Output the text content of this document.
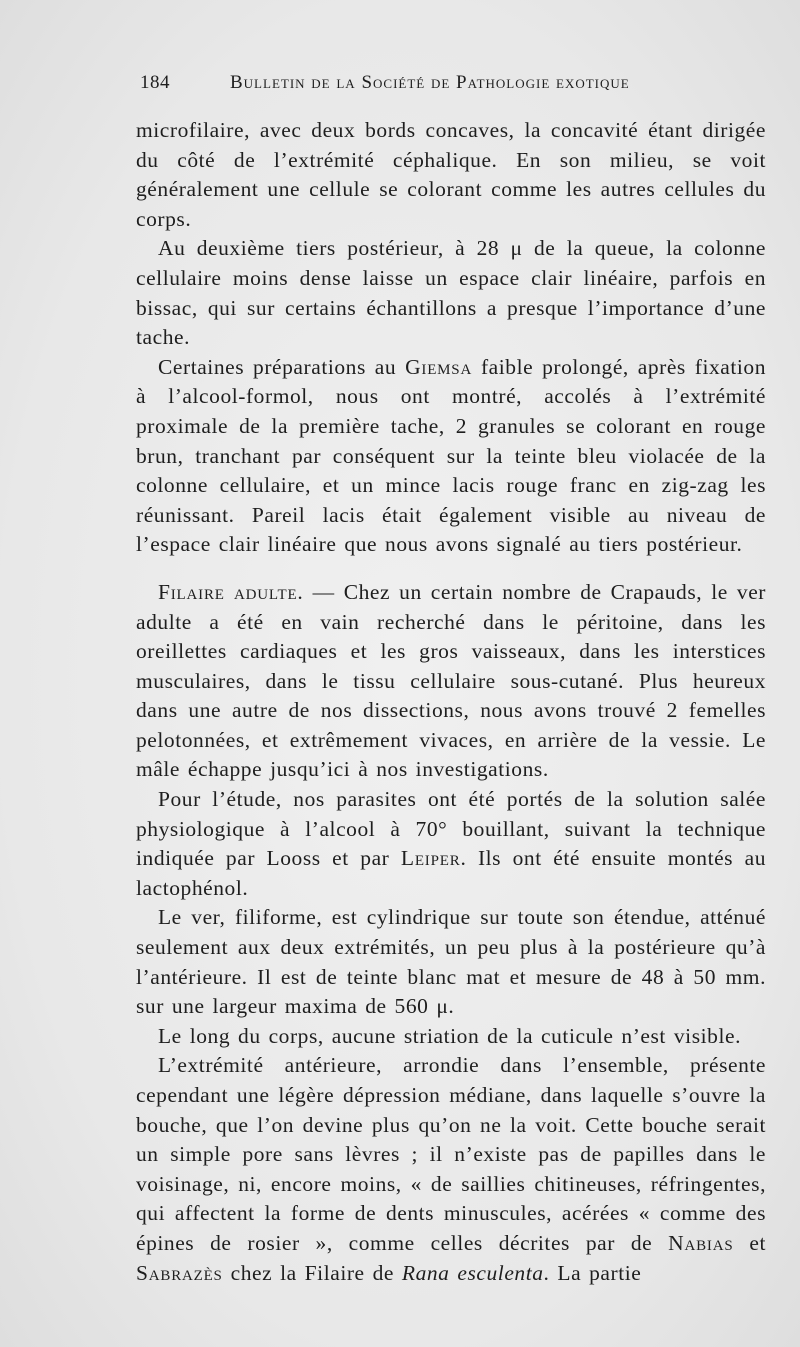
184	Bulletin de la Société de Pathologie exotique

microfilaire, avec deux bords concaves, la concavité étant dirigée du côté de l’extrémité céphalique. En son milieu, se voit généralement une cellule se colorant comme les autres cellules du corps.

Au deuxième tiers postérieur, à 28 μ de la queue, la colonne cellulaire moins dense laisse un espace clair linéaire, parfois en bissac, qui sur certains échantillons a presque l’importance d’une tache.

Certaines préparations au Giemsa faible prolongé, après fixation à l’alcool-formol, nous ont montré, accolés à l’extrémité proximale de la première tache, 2 granules se colorant en rouge brun, tranchant par conséquent sur la teinte bleu violacée de la colonne cellulaire, et un mince lacis rouge franc en zig-zag les réunissant. Pareil lacis était également visible au niveau de l’espace clair linéaire que nous avons signalé au tiers postérieur.

Filaire adulte. — Chez un certain nombre de Crapauds, le ver adulte a été en vain recherché dans le péritoine, dans les oreillettes cardiaques et les gros vaisseaux, dans les interstices musculaires, dans le tissu cellulaire sous-cutané. Plus heureux dans une autre de nos dissections, nous avons trouvé 2 femelles pelotonnées, et extrêmement vivaces, en arrière de la vessie. Le mâle échappe jusqu’ici à nos investigations.

Pour l’étude, nos parasites ont été portés de la solution salée physiologique à l’alcool à 70° bouillant, suivant la technique indiquée par Looss et par Leiper. Ils ont été ensuite montés au lactophénol.

Le ver, filiforme, est cylindrique sur toute son étendue, atténué seulement aux deux extrémités, un peu plus à la postérieure qu’à l’antérieure. Il est de teinte blanc mat et mesure de 48 à 50 mm. sur une largeur maxima de 560 μ.

Le long du corps, aucune striation de la cuticule n’est visible.

L’extrémité antérieure, arrondie dans l’ensemble, présente cependant une légère dépression médiane, dans laquelle s’ouvre la bouche, que l’on devine plus qu’on ne la voit. Cette bouche serait un simple pore sans lèvres ; il n’existe pas de papilles dans le voisinage, ni, encore moins, « de saillies chitineuses, réfringentes, qui affectent la forme de dents minuscules, acérées « comme des épines de rosier », comme celles décrites par de Nabias et Sabrazès chez la Filaire de Rana esculenta. La partie
